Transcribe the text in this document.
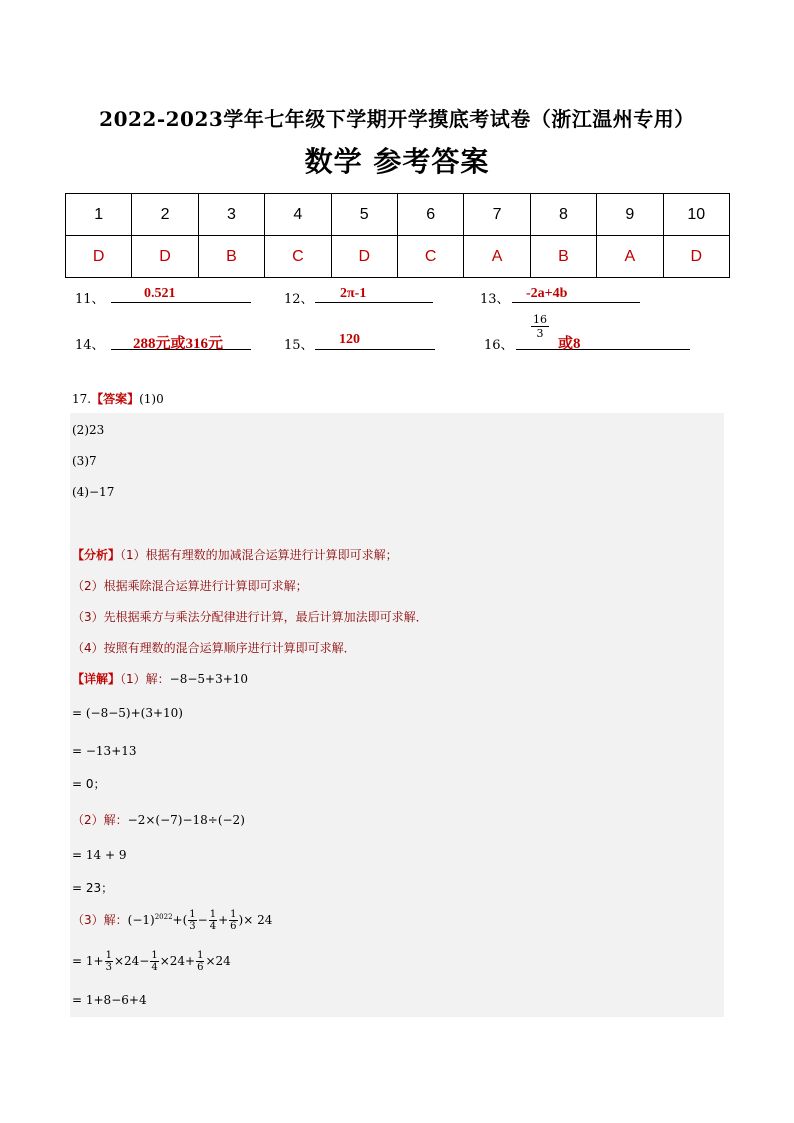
2022-2023学年七年级下学期开学摸底考试卷（浙江温州专用）
数学 参考答案
1	2	3	4	5	6	7	8	9	10
D	D	B	C	D	C	A	B	A	D
11、	0.521	12、 2π-1	13、 -2a+4b
14、 288元或316元	15、 120	16、
$\frac{16}{3}$
或8
17.【答案】(1)0
(2)23
(3)7
(4)−17
【分析】（1）根据有理数的加减混合运算进行计算即可求解；
（2）根据乘除混合运算进行计算即可求解；
（3）先根据乘方与乘法分配律进行计算，最后计算加法即可求解．
（4）按照有理数的混合运算顺序进行计算即可求解．
【详解】（1）解：−8−5+3+10
= (−8−5)+(3+10)
= −13+13
= 0；
（2）解：−2×(−7)−18÷(−2)
= 14 + 9
= 23；
（3）解：$(-1)^{2022}+( \frac{1}{3} - \frac{1}{4} + \frac{1}{6}$ )× 24
= $1+ \frac{1}{3} \times 24- \frac{1}{4} \times 24+ \frac{1}{6} \times 24$
= 1+8−6+4
